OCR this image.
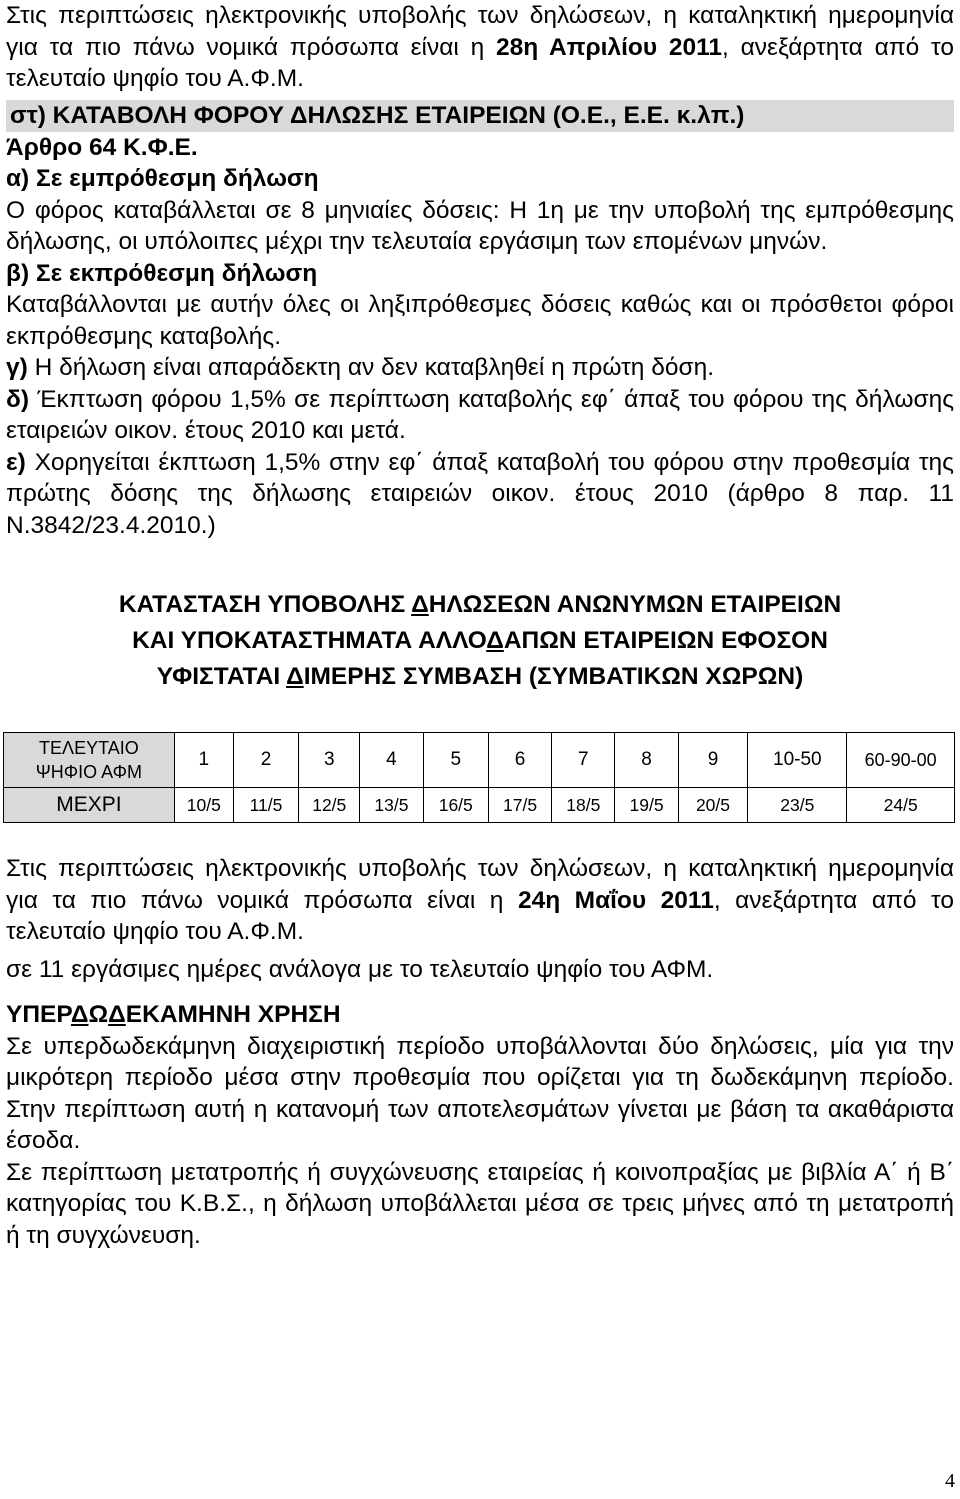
Στις περιπτώσεις ηλεκτρονικής υποβολής των δηλώσεων, η καταληκτική ημερομηνία για τα πιο πάνω νομικά πρόσωπα είναι η 28η Απριλίου 2011, ανεξάρτητα από το τελευταίο ψηφίο του Α.Φ.Μ.

στ) ΚΑΤΑΒΟΛΗ ΦΟΡΟΥ ΔΗΛΩΣΗΣ ΕΤΑΙΡΕΙΩΝ (Ο.Ε., Ε.Ε. κ.λπ.)

Άρθρο 64 Κ.Φ.Ε.

α) Σε εμπρόθεσμη δήλωση

Ο φόρος καταβάλλεται σε 8 μηνιαίες δόσεις: Η 1η με την υποβολή της εμπρόθεσμης δήλωσης, οι υπόλοιπες μέχρι την τελευταία εργάσιμη των επομένων μηνών.

β) Σε εκπρόθεσμη δήλωση

Καταβάλλονται με αυτήν όλες οι ληξιπρόθεσμες δόσεις καθώς και οι πρόσθετοι φόροι εκπρόθεσμης καταβολής.

γ) Η δήλωση είναι απαράδεκτη αν δεν καταβληθεί η πρώτη δόση.

δ) Έκπτωση φόρου 1,5% σε περίπτωση καταβολής εφ΄ άπαξ του φόρου της δήλωσης εταιρειών οικον. έτους 2010 και μετά.

ε) Χορηγείται έκπτωση 1,5% στην εφ΄ άπαξ καταβολή του φόρου στην προθεσμία της πρώτης δόσης της δήλωσης εταιρειών οικον. έτους 2010 (άρθρο 8 παρ. 11 Ν.3842/23.4.2010.)

ΚΑΤΑΣΤΑΣΗ ΥΠΟΒΟΛΗΣ ΔΗΛΩΣΕΩΝ ΑΝΩΝΥΜΩΝ ΕΤΑΙΡΕΙΩΝ
ΚΑΙ ΥΠΟΚΑΤΑΣΤΗΜΑΤΑ ΑΛΛΟΔΑΠΩΝ ΕΤΑΙΡΕΙΩΝ ΕΦΟΣΟΝ
ΥΦΙΣΤΑΤΑΙ ΔΙΜΕΡΗΣ ΣΥΜΒΑΣΗ (ΣΥΜΒΑΤΙΚΩΝ ΧΩΡΩΝ)
ΤΕΛΕΥΤΑΙΟ
ΨΗΦΙΟ ΑΦΜ	1	2	3	4	5	6	7	8	9	10-50	60-90-00
ΜΕΧΡΙ	10/5	11/5	12/5	13/5	16/5	17/5	18/5	19/5	20/5	23/5	24/5

Στις περιπτώσεις ηλεκτρονικής υποβολής των δηλώσεων, η καταληκτική ημερομηνία για τα πιο πάνω νομικά πρόσωπα είναι η 24η Μαΐου 2011, ανεξάρτητα από το τελευταίο ψηφίο του Α.Φ.Μ.

σε 11 εργάσιμες ημέρες ανάλογα με το τελευταίο ψηφίο του ΑΦΜ.

ΥΠΕΡΔΩΔΕΚΑΜΗΝΗ ΧΡΗΣΗ

Σε υπερδωδεκάμηνη διαχειριστική περίοδο υποβάλλονται δύο δηλώσεις, μία για την μικρότερη περίοδο μέσα στην προθεσμία που ορίζεται για τη δωδεκάμηνη περίοδο. Στην περίπτωση αυτή η κατανομή των αποτελεσμάτων γίνεται με βάση τα ακαθάριστα έσοδα.

Σε περίπτωση μετατροπής ή συγχώνευσης εταιρείας ή κοινοπραξίας με βιβλία Α΄ ή Β΄ κατηγορίας του Κ.Β.Σ., η δήλωση υποβάλλεται μέσα σε τρεις μήνες από τη μετατροπή ή τη συγχώνευση.

4
